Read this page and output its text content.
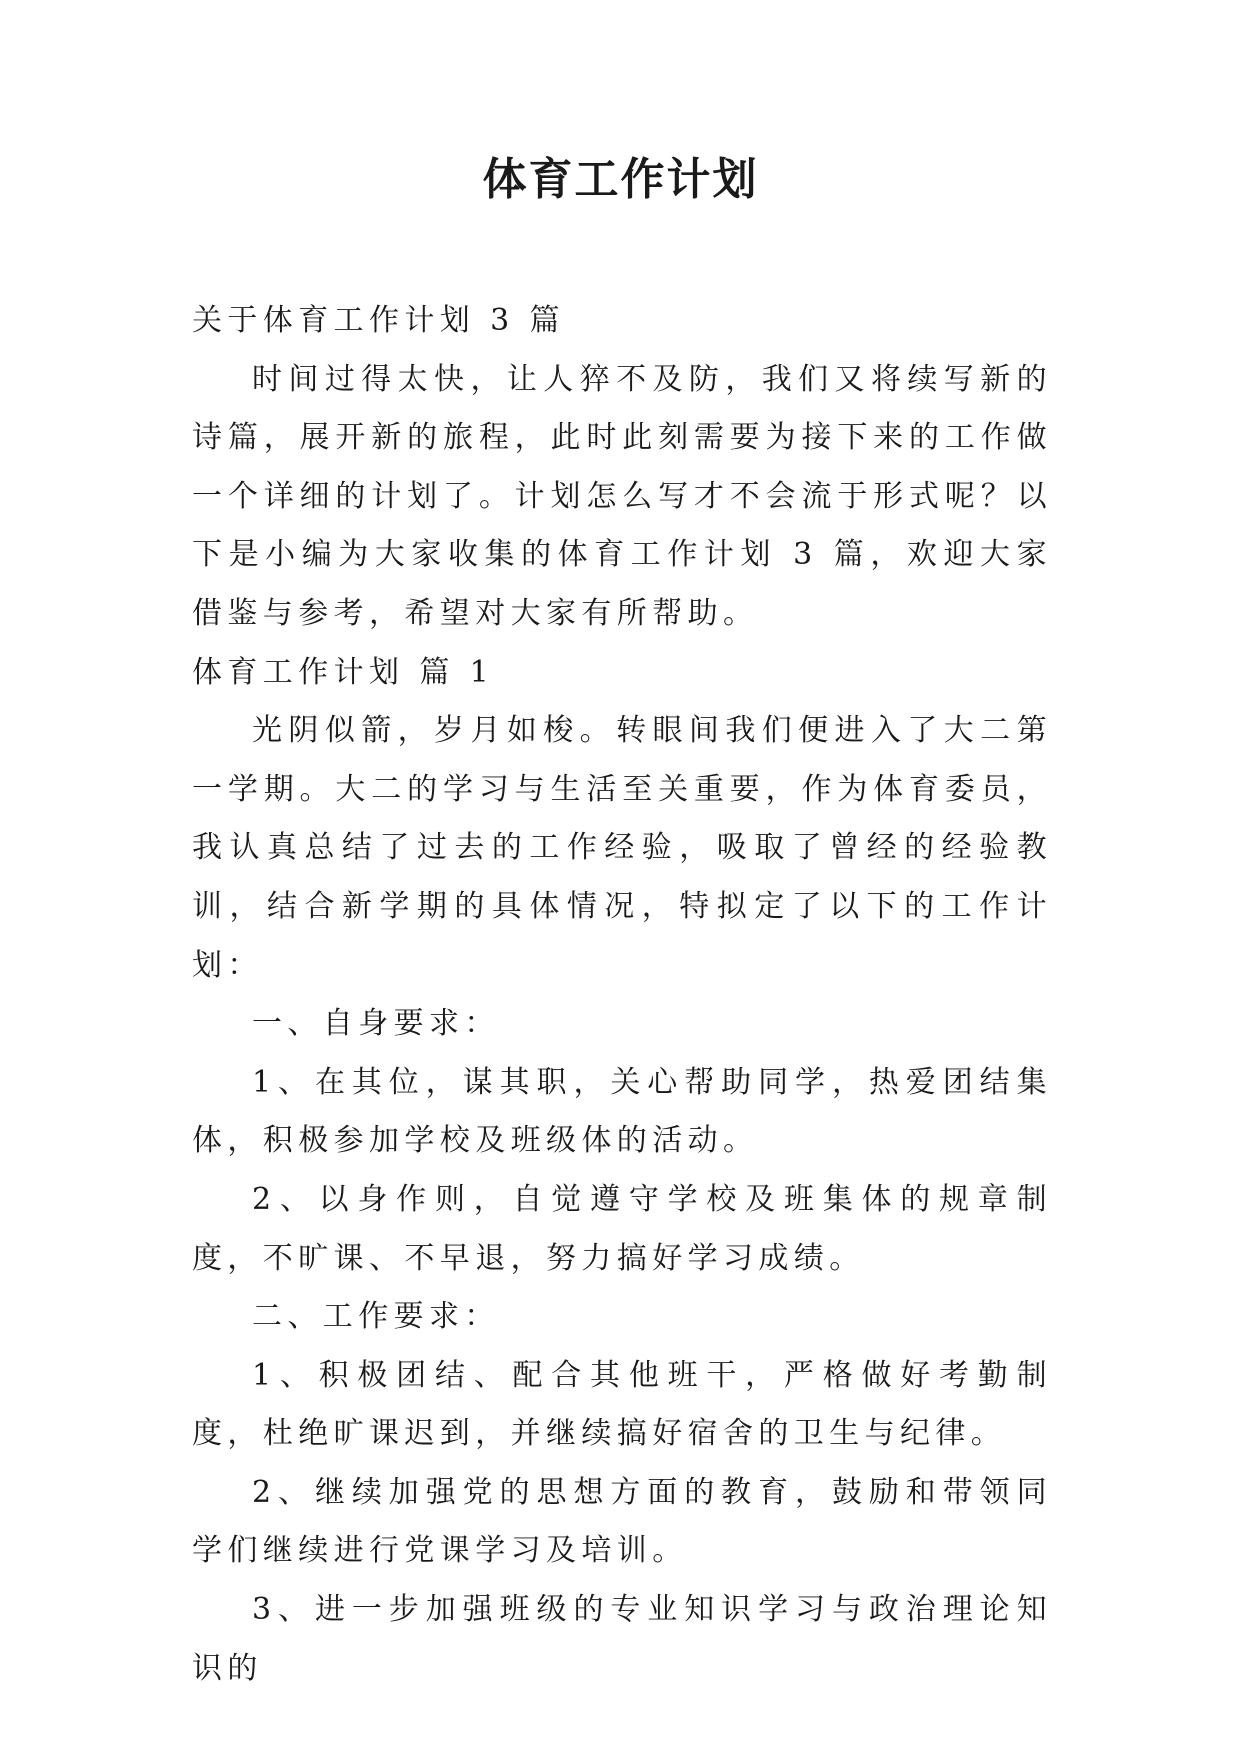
体育工作计划

关于体育工作计划 3 篇

时间过得太快，让人猝不及防，我们又将续写新的诗篇，展开新的旅程，此时此刻需要为接下来的工作做一个详细的计划了。计划怎么写才不会流于形式呢？以下是小编为大家收集的体育工作计划 3 篇，欢迎大家借鉴与参考，希望对大家有所帮助。

体育工作计划 篇 1

光阴似箭，岁月如梭。转眼间我们便进入了大二第一学期。大二的学习与生活至关重要，作为体育委员，我认真总结了过去的工作经验，吸取了曾经的经验教训，结合新学期的具体情况，特拟定了以下的工作计划：

一、自身要求：

1、在其位，谋其职，关心帮助同学，热爱团结集体，积极参加学校及班级体的活动。

2、以身作则，自觉遵守学校及班集体的规章制度，不旷课、不早退，努力搞好学习成绩。

二、工作要求：

1、积极团结、配合其他班干，严格做好考勤制度，杜绝旷课迟到，并继续搞好宿舍的卫生与纪律。

2、继续加强党的思想方面的教育，鼓励和带领同学们继续进行党课学习及培训。

3、进一步加强班级的专业知识学习与政治理论知识的
